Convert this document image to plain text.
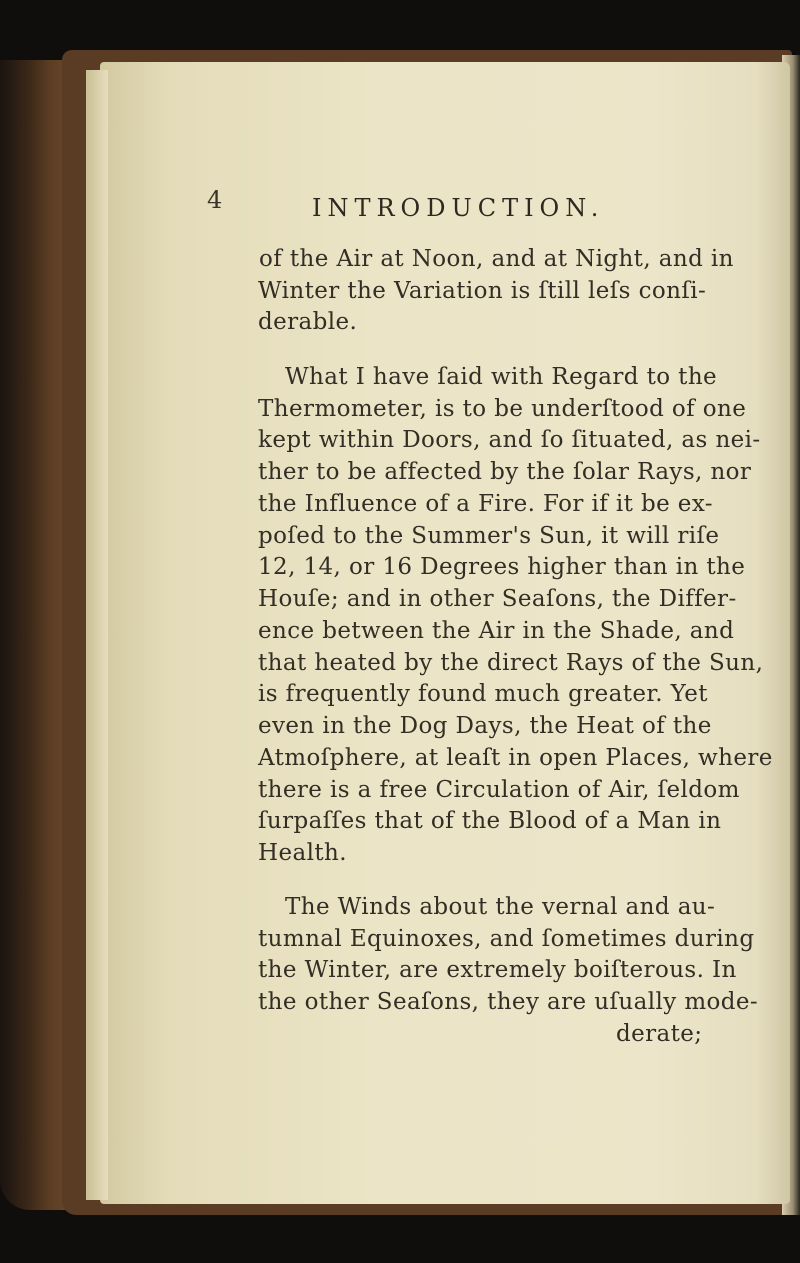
4	INTRODUCTION.
of the Air at Noon, and at Night, and in
Winter the Variation is ſtill leſs conſi-
derable.
What I have ſaid with Regard to the
Thermometer, is to be underſtood of one
kept within Doors, and ſo ſituated, as nei-
ther to be affected by the ſolar Rays, nor
the Influence of a Fire. For if it be ex-
poſed to the Summer's Sun, it will riſe
12, 14, or 16 Degrees higher than in the
Houſe; and in other Seaſons, the Differ-
ence between the Air in the Shade, and
that heated by the direct Rays of the Sun,
is frequently found much greater. Yet
even in the Dog Days, the Heat of the
Atmoſphere, at leaſt in open Places, where
there is a free Circulation of Air, ſeldom
ſurpaſſes that of the Blood of a Man in
Health.
The Winds about the vernal and au-
tumnal Equinoxes, and ſometimes during
the Winter, are extremely boiſterous. In
the other Seaſons, they are uſually mode-
derate;
